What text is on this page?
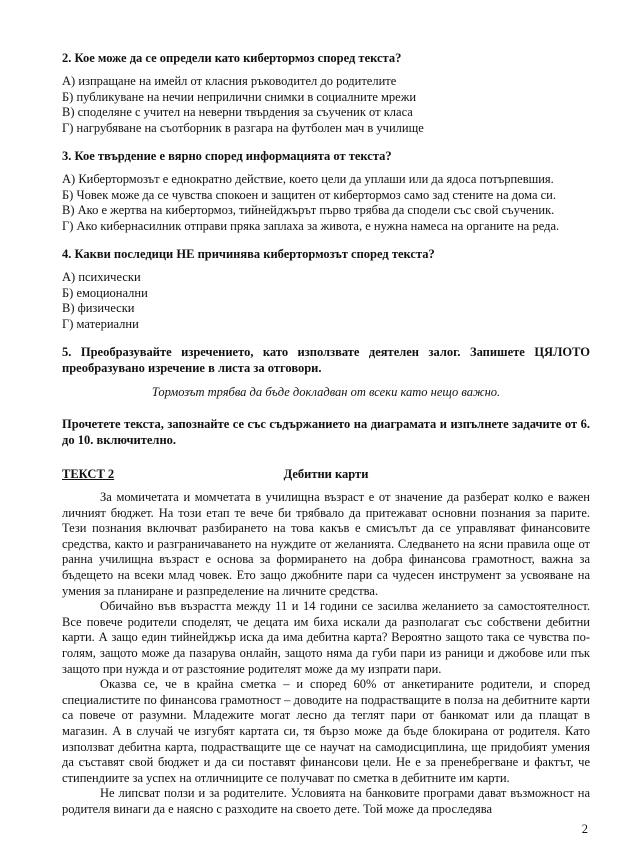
2. Кое може да се определи като кибертормоз според текста?

А) изпращане на имейл от класния ръководител до родителите

Б) публикуване на нечии неприлични снимки в социалните мрежи

В) споделяне с учител на неверни твърдения за съученик от класа

Г) нагрубяване на съотборник в разгара на футболен мач в училище

3. Кое твърдение е вярно според информацията от текста?

А) Кибертормозът е еднократно действие, което цели да уплаши или да ядоса потърпевшия.

Б) Човек може да се чувства спокоен и защитен от кибертормоз само зад стените на дома си.

В) Ако е жертва на кибертормоз, тийнейджърът първо трябва да сподели със свой съученик.

Г) Ако кибернасилник отправи пряка заплаха за живота, е нужна намеса на органите на реда.

4. Какви последици НЕ причинява кибертормозът според текста?

А) психически

Б) емоционални

В) физически

Г) материални

5. Преобразувайте изречението, като използвате деятелен залог. Запишете ЦЯЛОТО преобразувано изречение в листа за отговори.

Тормозът трябва да бъде докладван от всеки като нещо важно.

Прочетете текста, запознайте се със съдържанието на диаграмата и изпълнете задачите от 6. до 10. включително.

ТЕКСТ 2	Дебитни карти

За момичетата и момчетата в училищна възраст е от значение да разберат колко е важен личният бюджет. На този етап те вече би трябвало да притежават основни познания за парите. Тези познания включват разбирането на това какъв е смисълът да се управляват финансовите средства, както и разграничаването на нуждите от желанията. Следването на ясни правила още от ранна училищна възраст е основа за формирането на добра финансова грамотност, важна за бъдещето на всеки млад човек. Ето защо джобните пари са чудесен инструмент за усвояване на умения за планиране и разпределение на личните средства.

Обичайно във възрастта между 11 и 14 години се засилва желанието за самостоятелност. Все повече родители споделят, че децата им биха искали да разполагат със собствени дебитни карти. А защо един тийнейджър иска да има дебитна карта? Вероятно защото така се чувства по-голям, защото може да пазарува онлайн, защото няма да губи пари из раници и джобове или пък защото при нужда и от разстояние родителят може да му изпрати пари.

Оказва се, че в крайна сметка – и според 60% от анкетираните родители, и според специалистите по финансова грамотност – доводите на подрастващите в полза на дебитните карти са повече от разумни. Младежите могат лесно да теглят пари от банкомат или да плащат в магазин. А в случай че изгубят картата си, тя бързо може да бъде блокирана от родителя. Като използват дебитна карта, подрастващите ще се научат на самодисциплина, ще придобият умения да съставят свой бюджет и да си поставят финансови цели. Не е за пренебрегване и фактът, че стипендиите за успех на отличниците се получават по сметка в дебитните им карти.

Не липсват ползи и за родителите. Условията на банковите програми дават възможност на родителя винаги да е наясно с разходите на своето дете. Той може да проследява

2
